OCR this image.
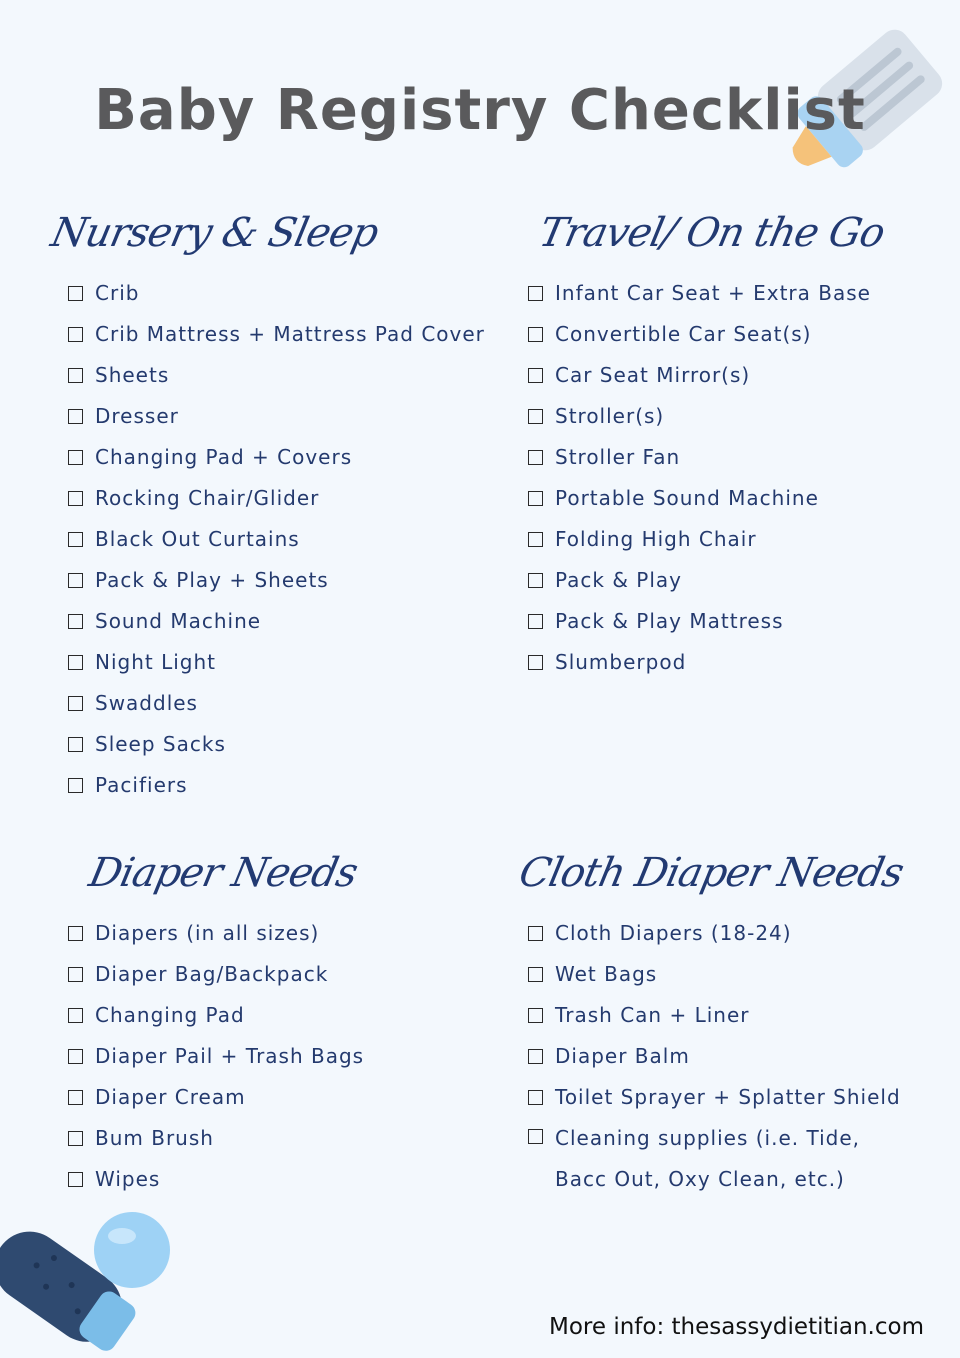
Baby Registry Checklist
Nursery & Sleep	Travel/ On the Go
Diaper Needs	Cloth Diaper Needs
Crib
Crib Mattress + Mattress Pad Cover
Sheets
Dresser
Changing Pad + Covers
Rocking Chair/Glider
Black Out Curtains
Pack & Play + Sheets
Sound Machine
Night Light
Swaddles
Sleep Sacks
Pacifiers
Infant Car Seat + Extra Base
Convertible Car Seat(s)
Car Seat Mirror(s)
Stroller(s)
Stroller Fan
Portable Sound Machine
Folding High Chair
Pack & Play
Pack & Play Mattress
Slumberpod
Diapers (in all sizes)
Diaper Bag/Backpack
Changing Pad
Diaper Pail + Trash Bags
Diaper Cream
Bum Brush
Wipes
Cloth Diapers (18-24)
Wet Bags
Trash Can + Liner
Diaper Balm
Toilet Sprayer + Splatter Shield
Cleaning supplies (i.e. Tide, Bacc Out, Oxy Clean, etc.)
More info: thesassydietitian.com
